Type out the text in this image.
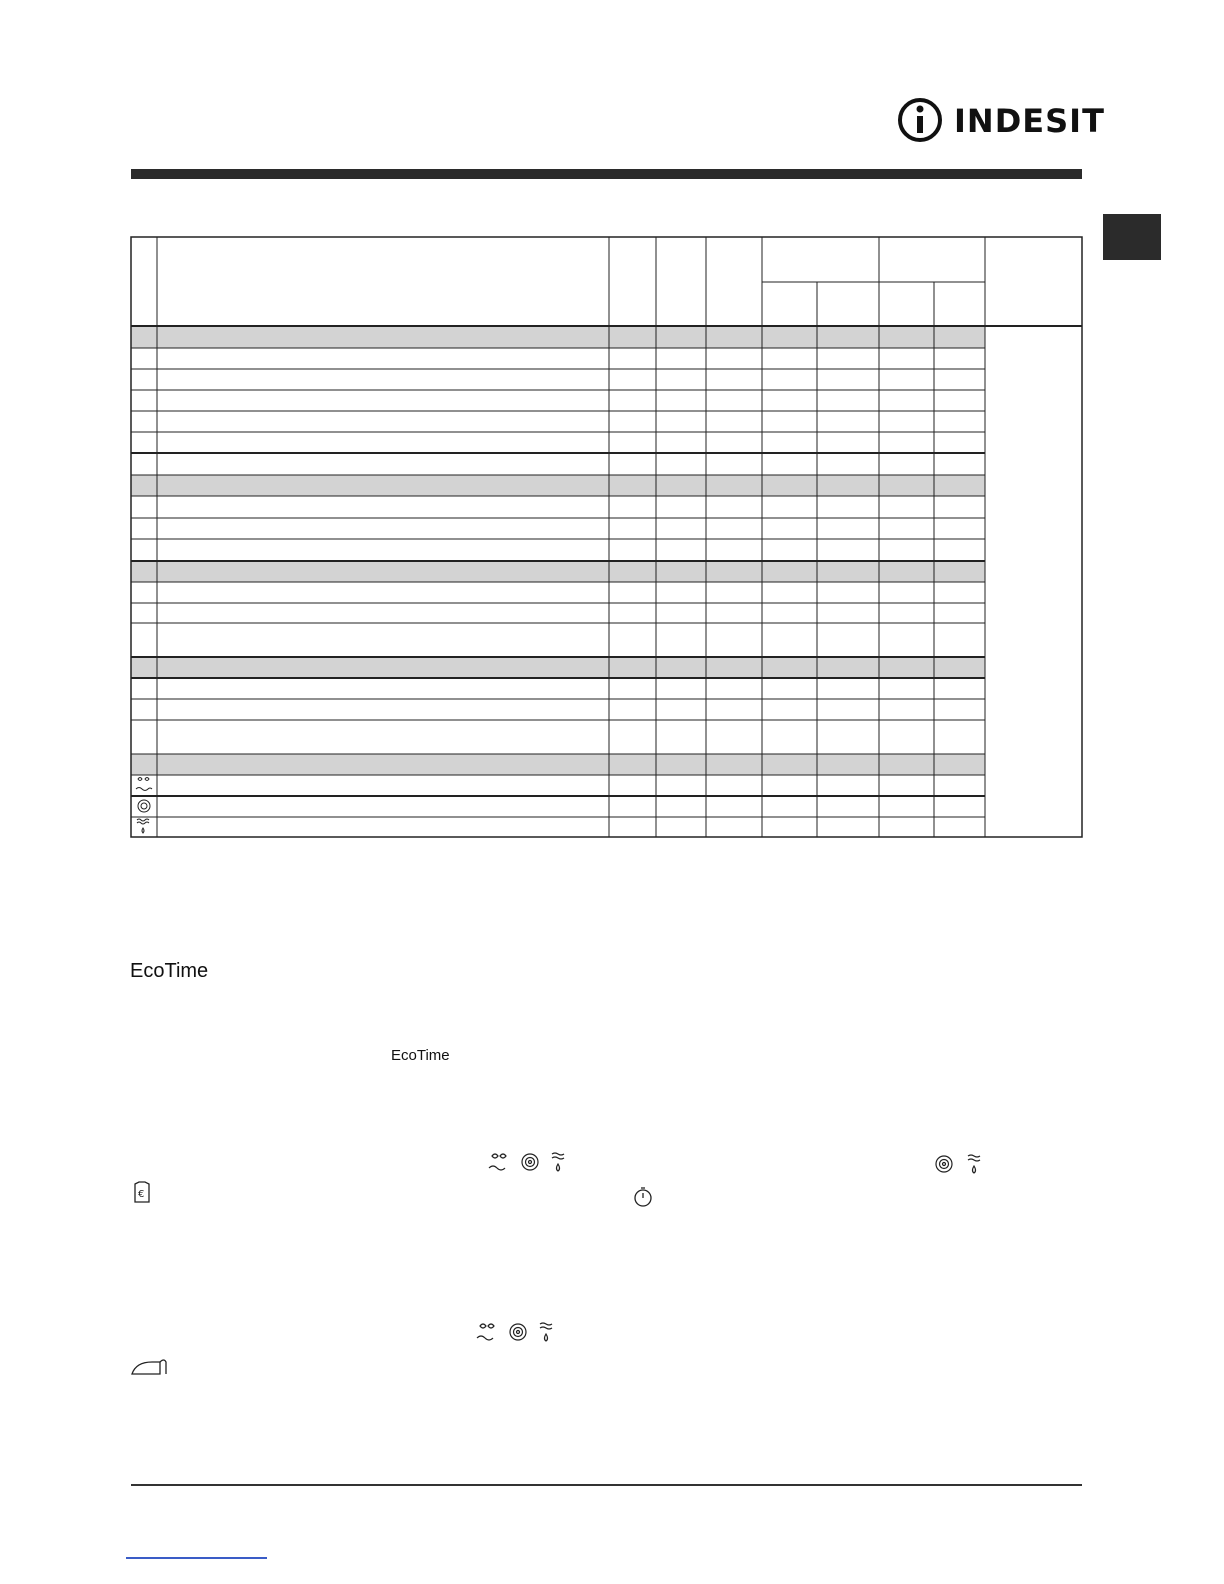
INDESIT
EcoTime
EcoTime
€
